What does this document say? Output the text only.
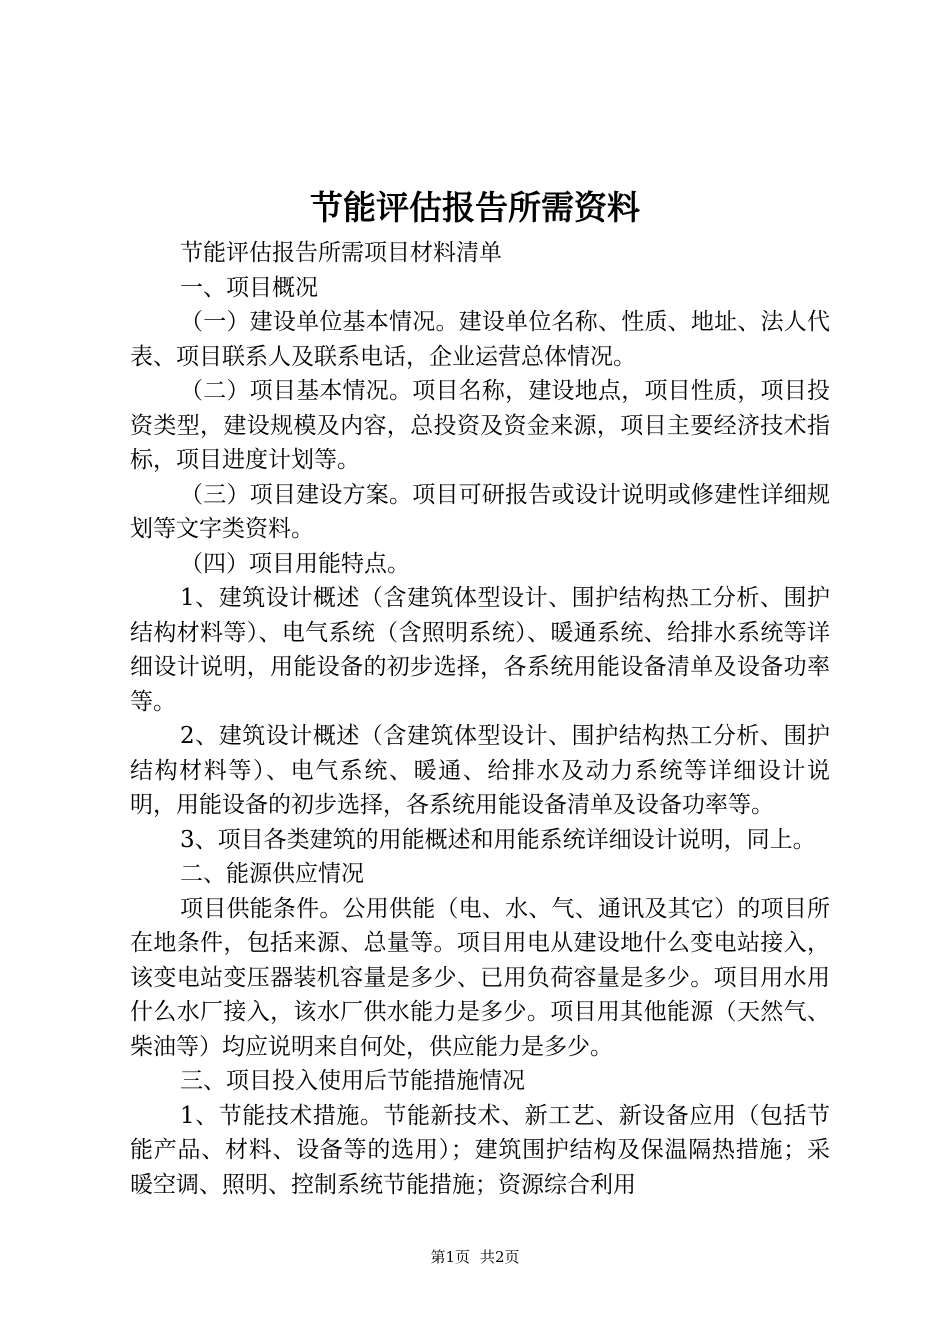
节能评估报告所需资料

节能评估报告所需项目材料清单

一、项目概况

（一）建设单位基本情况。建设单位名称、性质、地址、法人代表、项目联系人及联系电话，企业运营总体情况。

（二）项目基本情况。项目名称，建设地点，项目性质，项目投资类型，建设规模及内容，总投资及资金来源，项目主要经济技术指标，项目进度计划等。

（三）项目建设方案。项目可研报告或设计说明或修建性详细规划等文字类资料。

（四）项目用能特点。

1、建筑设计概述（含建筑体型设计、围护结构热工分析、围护结构材料等）、电气系统（含照明系统）、暖通系统、给排水系统等详细设计说明，用能设备的初步选择，各系统用能设备清单及设备功率等。

2、建筑设计概述（含建筑体型设计、围护结构热工分析、围护结构材料等）、电气系统、暖通、给排水及动力系统等详细设计说明，用能设备的初步选择，各系统用能设备清单及设备功率等。

3、项目各类建筑的用能概述和用能系统详细设计说明，同上。

二、能源供应情况

项目供能条件。公用供能（电、水、气、通讯及其它）的项目所在地条件，包括来源、总量等。项目用电从建设地什么变电站接入，该变电站变压器装机容量是多少、已用负荷容量是多少。项目用水用什么水厂接入，该水厂供水能力是多少。项目用其他能源（天然气、柴油等）均应说明来自何处，供应能力是多少。

三、项目投入使用后节能措施情况

1、节能技术措施。节能新技术、新工艺、新设备应用（包括节能产品、材料、设备等的选用）；建筑围护结构及保温隔热措施；采暖空调、照明、控制系统节能措施；资源综合利用

第1页 共2页
